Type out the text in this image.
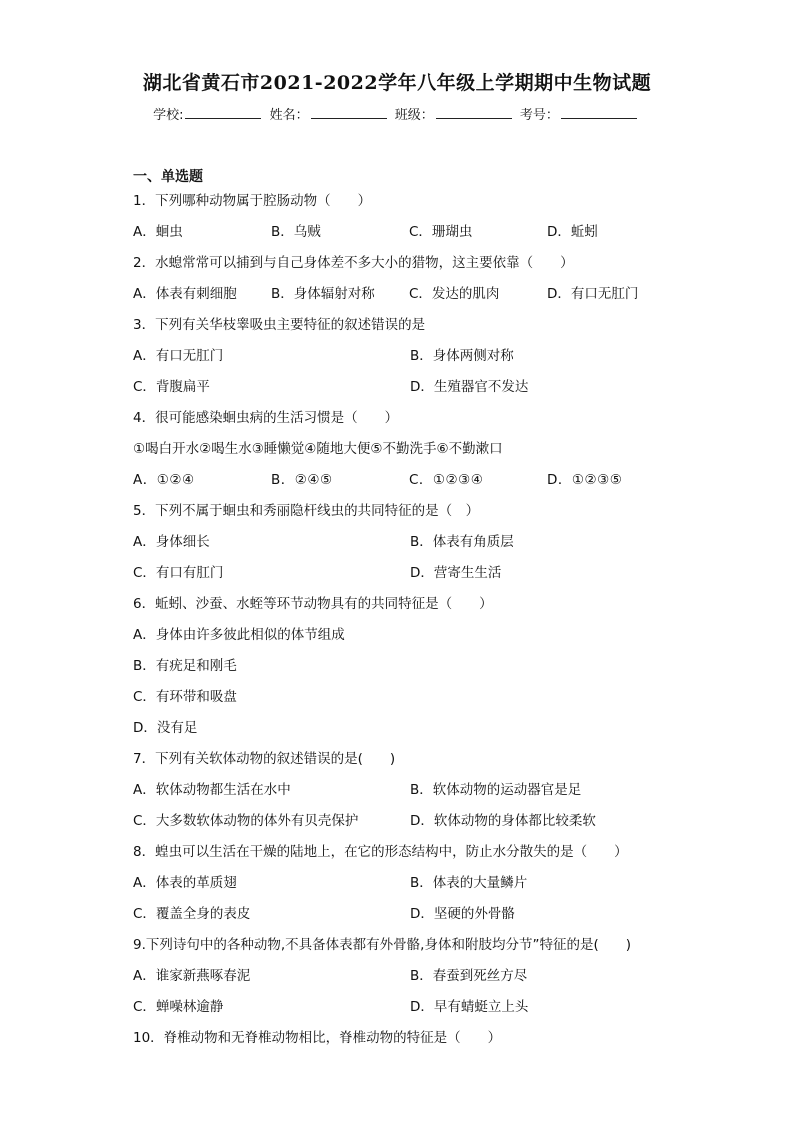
湖北省黄石市2021-2022学年八年级上学期期中生物试题
学校:	姓名：	班级：	考号：
一、单选题
1．下列哪种动物属于腔肠动物（　　）
A．蛔虫	B．乌贼	C．珊瑚虫	D．蚯蚓
2．水螅常常可以捕到与自己身体差不多大小的猎物，这主要依靠（　　）
A．体表有刺细胞	B．身体辐射对称	C．发达的肌肉	D．有口无肛门
3．下列有关华枝睾吸虫主要特征的叙述错误的是
A．有口无肛门	B．身体两侧对称
C．背腹扁平	D．生殖器官不发达
4．很可能感染蛔虫病的生活习惯是（　　）
①喝白开水②喝生水③睡懒觉④随地大便⑤不勤洗手⑥不勤漱口
A．①②④	B．②④⑤	C．①②③④	D．①②③⑤
5．下列不属于蛔虫和秀丽隐杆线虫的共同特征的是（　）
A．身体细长	B．体表有角质层
C．有口有肛门	D．营寄生生活
6．蚯蚓、沙蚕、水蛭等环节动物具有的共同特征是（　　）
A．身体由许多彼此相似的体节组成
B．有疣足和刚毛
C．有环带和吸盘
D．没有足
7．下列有关软体动物的叙述错误的是(　　)
A．软体动物都生活在水中	B．软体动物的运动器官是足
C．大多数软体动物的体外有贝壳保护	D．软体动物的身体都比较柔软
8．蝗虫可以生活在干燥的陆地上，在它的形态结构中，防止水分散失的是（　　）
A．体表的革质翅	B．体表的大量鳞片
C．覆盖全身的表皮	D．坚硬的外骨骼
9.下列诗句中的各种动物,不具备体表都有外骨骼,身体和附肢均分节”特征的是(　　)
A．谁家新燕啄春泥	B．春蚕到死丝方尽
C．蝉噪林逾静	D．早有蜻蜓立上头
10．脊椎动物和无脊椎动物相比，脊椎动物的特征是（　　）
